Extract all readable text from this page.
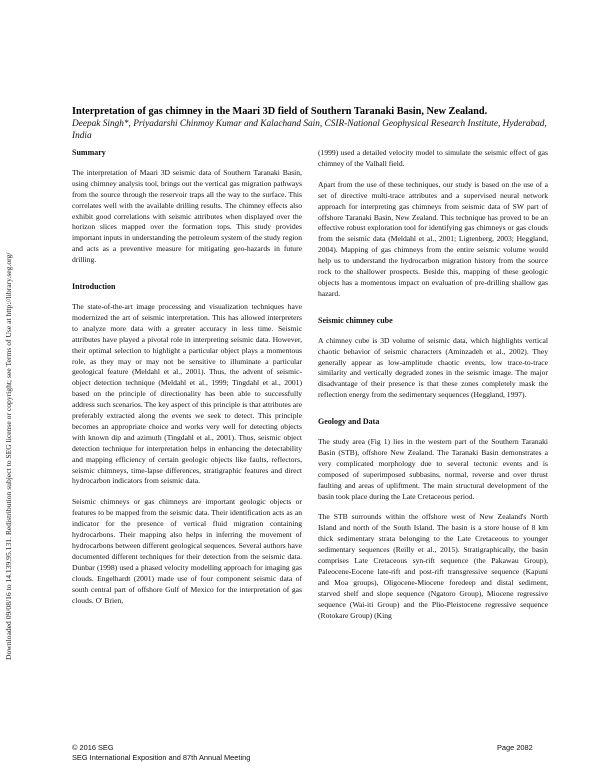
Downloaded 09/08/16 to 14.139.95.131. Redistribution subject to SEG license or copyright; see Terms of Use at http://library.seg.org/
Interpretation of gas chimney in the Maari 3D field of Southern Taranaki Basin, New Zealand.
Deepak Singh*, Priyadarshi Chinmoy Kumar and Kalachand Sain, CSIR-National Geophysical Research Institute, Hyderabad, India
Summary
The interpretation of Maari 3D seismic data of Southern Taranaki Basin, using chimney analysis tool, brings out the vertical gas migration pathways from the source through the reservoir traps all the way to the surface. This correlates well with the available drilling results. The chimney effects also exhibit good correlations with seismic attributes when displayed over the horizon slices mapped over the formation tops. This study provides important inputs in understanding the petroleum system of the study region and acts as a preventive measure for mitigating geo-hazards in future drilling.
Introduction
The state-of-the-art image processing and visualization techniques have modernized the art of seismic interpretation. This has allowed interpreters to analyze more data with a greater accuracy in less time. Seismic attributes have played a pivotal role in interpreting seismic data. However, their optimal selection to highlight a particular object plays a momentous role, as they may or may not be sensitive to illuminate a particular geological feature (Meldahl et al., 2001). Thus, the advent of seismic-object detection technique (Meldahl et al., 1999; Tingdahl et al., 2001) based on the principle of directionality has been able to successfully address such scenarios. The key aspect of this principle is that attributes are preferably extracted along the events we seek to detect. This principle becomes an appropriate choice and works very well for detecting objects with known dip and azimuth (Tingdahl et al., 2001). Thus, seismic object detection technique for interpretation helps in enhancing the detectability and mapping efficiency of certain geologic objects like faults, reflectors, seismic chimneys, time-lapse differences, stratigraphic features and direct hydrocarbon indicators from seismic data.
Seismic chimneys or gas chimneys are important geologic objects or features to be mapped from the seismic data. Their identification acts as an indicator for the presence of vertical fluid migration containing hydrocarbons. Their mapping also helps in inferring the movement of hydrocarbons between different geological sequences. Several authors have documented different techniques for their detection from the seismic data. Dunbar (1998) used a phased velocity modelling approach for imaging gas clouds. Engelhardt (2001) made use of four component seismic data of south central part of offshore Gulf of Mexico for the interpretation of gas clouds. O' Brien,
(1999) used a detailed velocity model to simulate the seismic effect of gas chimney of the Valhall field.
Apart from the use of these techniques, our study is based on the use of a set of directive multi-trace attributes and a supervised neural network approach for interpreting gas chimneys from seismic data of SW part of offshore Taranaki Basin, New Zealand. This technique has proved to be an effective robust exploration tool for identifying gas chimneys or gas clouds from the seismic data (Meldahl et al., 2001; Ligtenberg, 2003; Heggland, 2004). Mapping of gas chimneys from the entire seismic volume would help us to understand the hydrocarbon migration history from the source rock to the shallower prospects. Beside this, mapping of these geologic objects has a momentous impact on evaluation of pre-drilling shallow gas hazard.
Seismic chimney cube
A chimney cube is 3D volume of seismic data, which highlights vertical chaotic behavior of seismic characters (Aminzadeh et al., 2002). They generally appear as low-amplitude chaotic events, low trace-to-trace similarity and vertically degraded zones in the seismic image. The major disadvantage of their presence is that these zones completely mask the reflection energy from the sedimentary sequences (Heggland, 1997).
Geology and Data
The study area (Fig 1) lies in the western part of the Southern Taranaki Basin (STB), offshore New Zealand. The Taranaki Basin demonstrates a very complicated morphology due to several tectonic events and is composed of superimposed subbasins, normal, reverse and over thrust faulting and areas of upliftment. The main structural development of the basin took place during the Late Cretaceous period.
The STB surrounds within the offshore west of New Zealand's North Island and north of the South Island. The basin is a store house of 8 km thick sedimentary strata belonging to the Late Cretaceous to younger sedimentary sequences (Reilly et al., 2015). Stratigraphically, the basin comprises Late Cretaceous syn-rift sequence (the Pakawau Group), Paleocene-Eocene late-rift and post-rift transgressive sequence (Kapuni and Moa groups), Oligocene-Miocene foredeep and distal sediment, starved shelf and slope sequence (Ngatoro Group), Miocene regressive sequence (Wai-iti Group) and the Plio-Pleistocene regressive sequence (Rotokare Group) (King
© 2016 SEG
SEG International Exposition and 87th Annual Meeting
Page 2082
